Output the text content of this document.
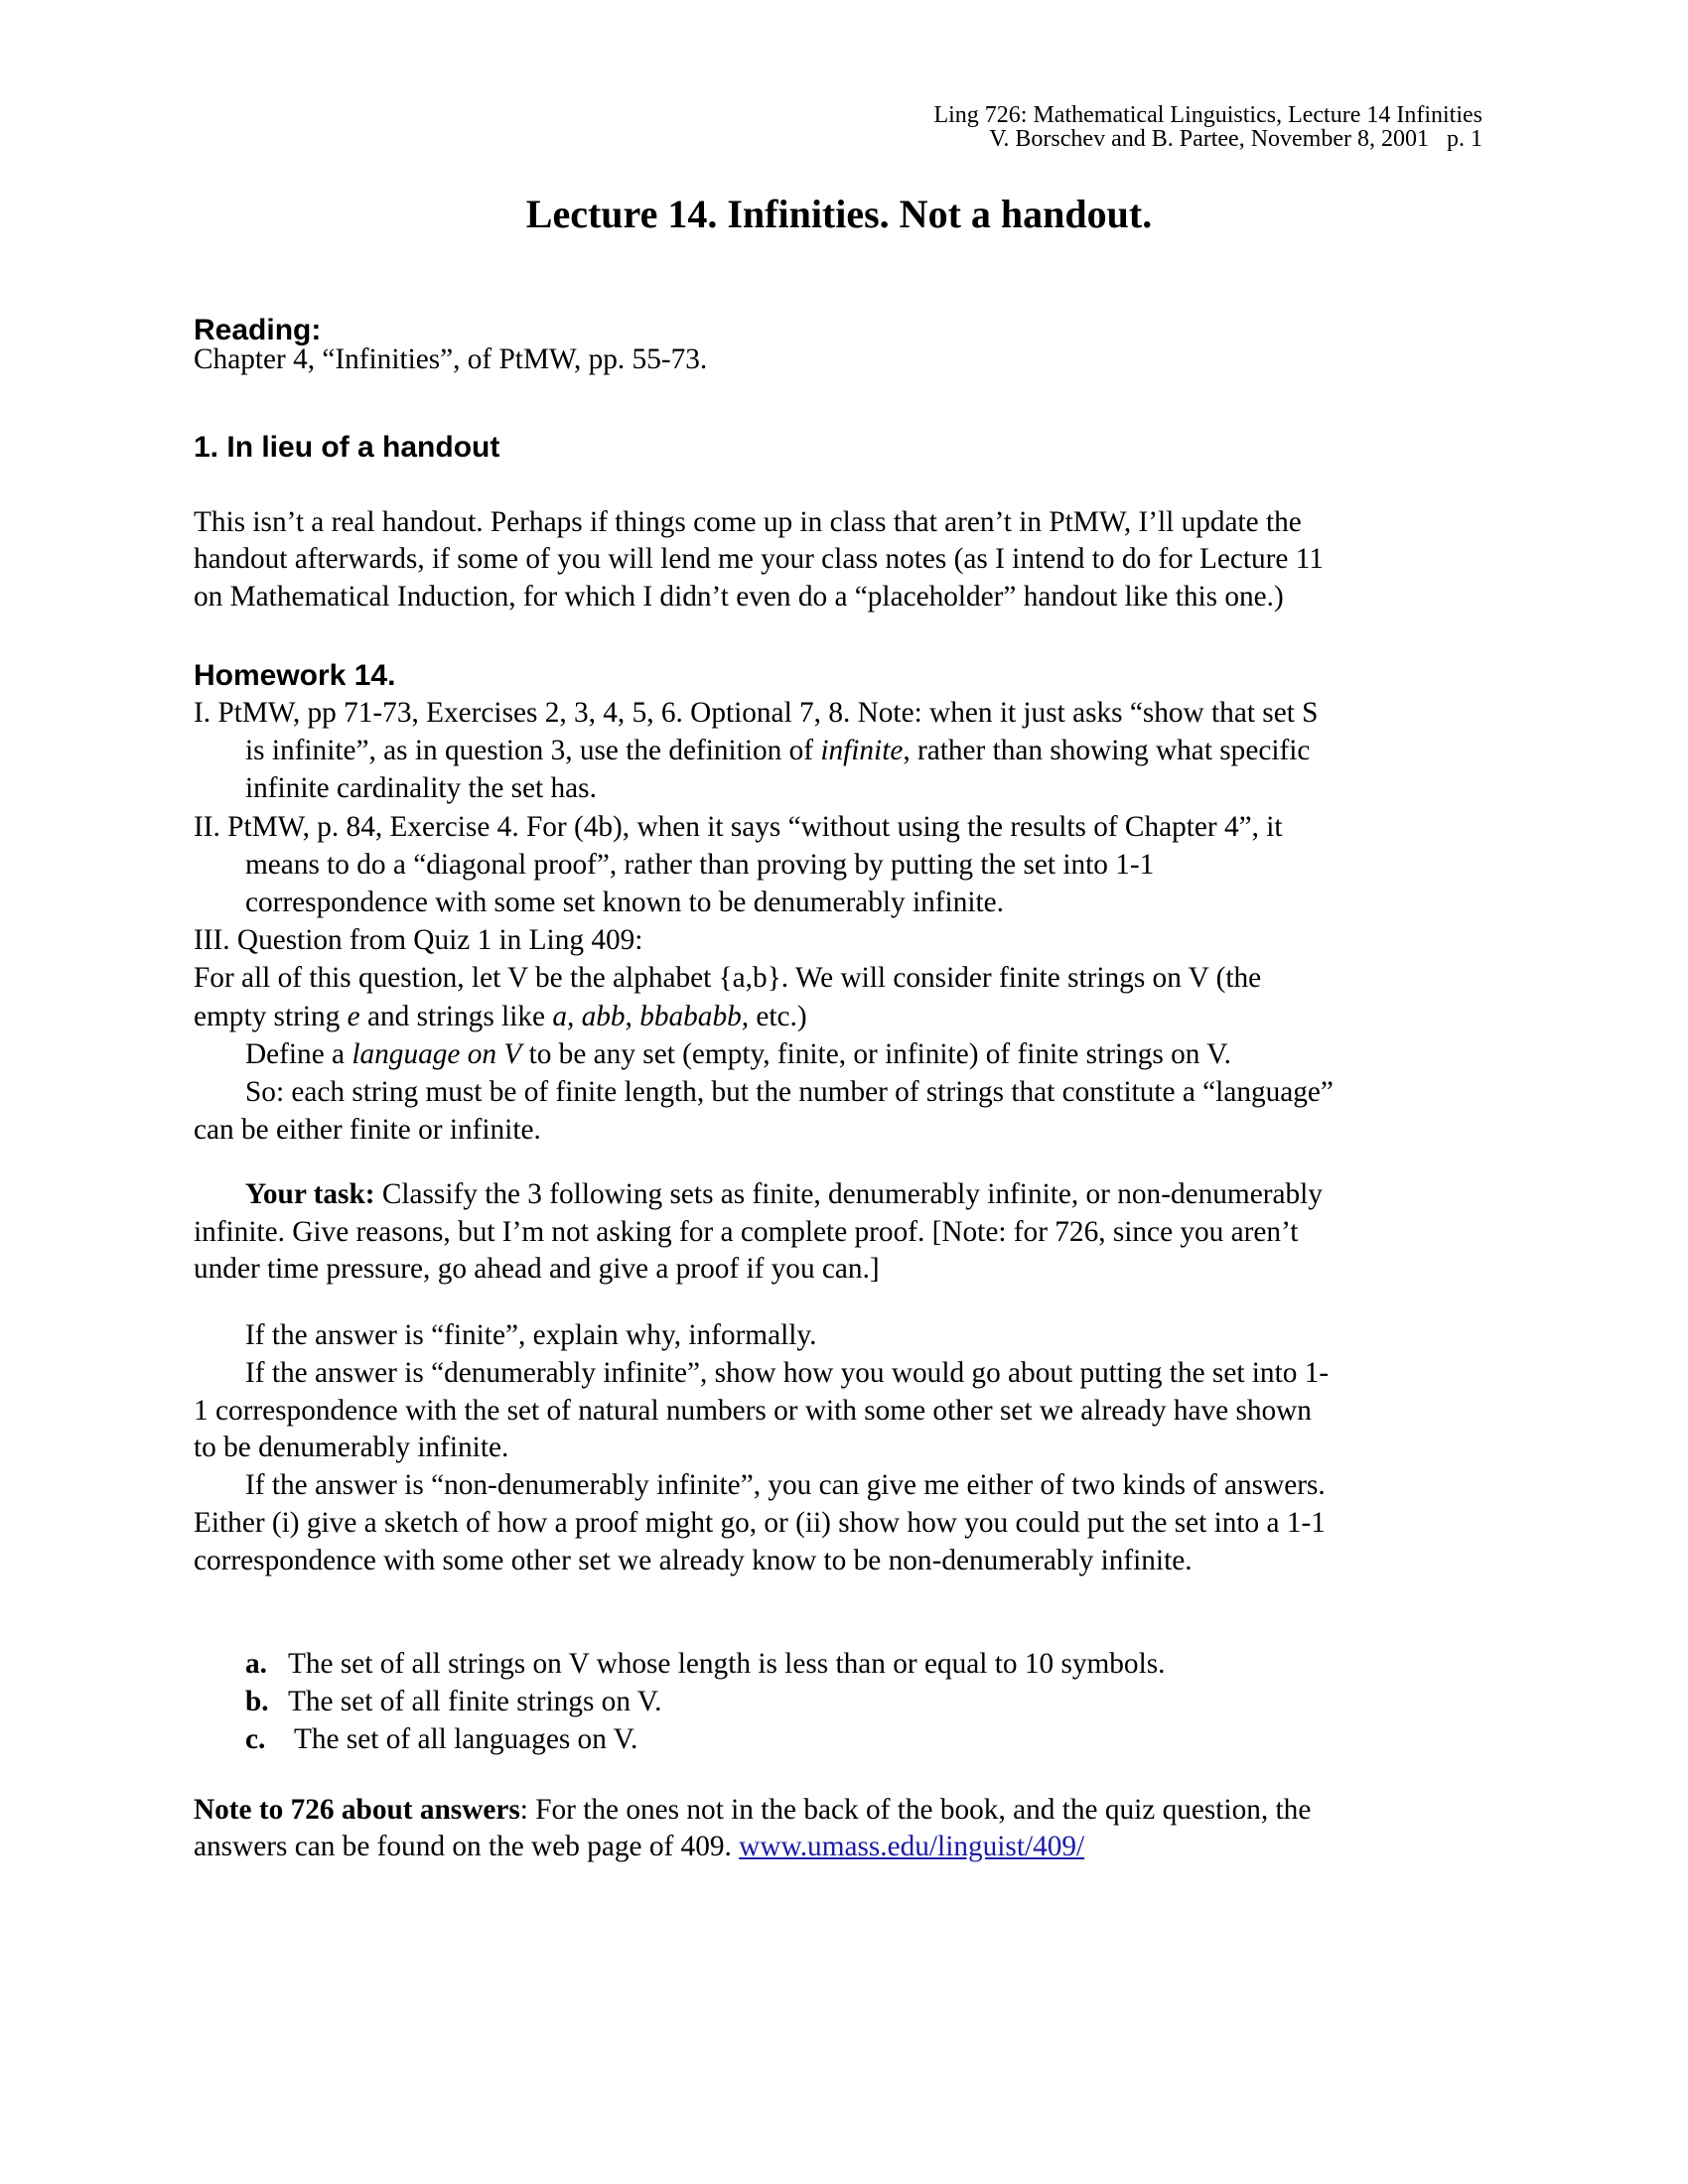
Ling 726: Mathematical Linguistics, Lecture 14 Infinities
V. Borschev and B. Partee, November 8, 2001   p. 1
Lecture 14. Infinities. Not a handout.
Reading:
Chapter 4, “Infinities”, of PtMW, pp. 55-73.
1. In lieu of a handout
This isn’t a real handout. Perhaps if things come up in class that aren’t in PtMW, I’ll update the
handout afterwards, if some of you will lend me your class notes (as I intend to do for Lecture 11
on Mathematical Induction, for which I didn’t even do a “placeholder” handout like this one.)
Homework 14.
I. PtMW, pp 71-73, Exercises 2, 3, 4, 5, 6. Optional 7, 8. Note: when it just asks “show that set S
is infinite”, as in question 3, use the definition of infinite, rather than showing what specific
infinite cardinality the set has.
II. PtMW, p. 84, Exercise 4. For (4b), when it says “without using the results of Chapter 4”, it
means to do a “diagonal proof”, rather than proving by putting the set into 1-1
correspondence with some set known to be denumerably infinite.
III. Question from Quiz 1 in Ling 409:
For all of this question, let V be the alphabet {a,b}. We will consider finite strings on V (the
empty string e and strings like a, abb, bbababb, etc.)
Define a language on V to be any set (empty, finite, or infinite) of finite strings on V.
So: each string must be of finite length, but the number of strings that constitute a “language”
can be either finite or infinite.
Your task: Classify the 3 following sets as finite, denumerably infinite, or non-denumerably
infinite. Give reasons, but I’m not asking for a complete proof. [Note: for 726, since you aren’t
under time pressure, go ahead and give a proof if you can.]
If the answer is “finite”, explain why, informally.
If the answer is “denumerably infinite”, show how you would go about putting the set into 1-
1 correspondence with the set of natural numbers or with some other set we already have shown
to be denumerably infinite.
If the answer is “non-denumerably infinite”, you can give me either of two kinds of answers.
Either (i) give a sketch of how a proof might go, or (ii) show how you could put the set into a 1-1
correspondence with some other set we already know to be non-denumerably infinite.
a. The set of all strings on V whose length is less than or equal to 10 symbols.
b. The set of all finite strings on V.
c. The set of all languages on V.
Note to 726 about answers: For the ones not in the back of the book, and the quiz question, the
answers can be found on the web page of 409. www.umass.edu/linguist/409/
